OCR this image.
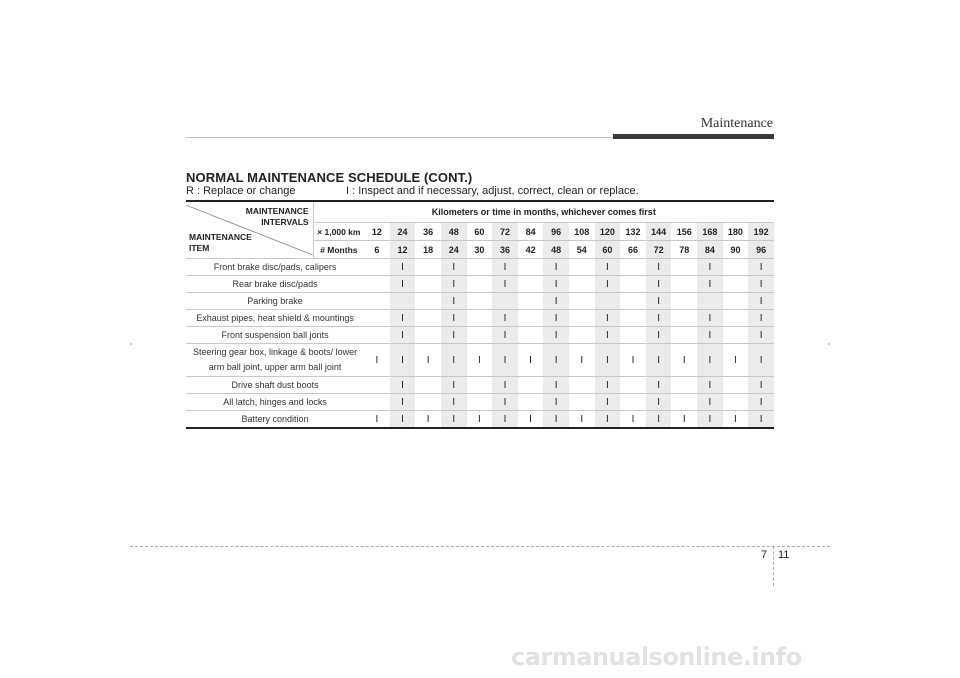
Maintenance
NORMAL MAINTENANCE SCHEDULE (CONT.)
R : Replace or change	I : Inspect and if necessary, adjust, correct, clean or replace.
MAINTENANCE
INTERVALS
MAINTENANCE
ITEM	Kilometers or time in months, whichever comes first																
	× 1,000 km	12	24	36	48	60	72	84	96	108	120	132	144	156	168	180	192
	# Months	6	12	18	24	30	36	42	48	54	60	66	72	78	84	90	96
Front brake disc/pads, calipers			I		I		I		I		I		I		I		I
Rear brake disc/pads			I		I		I		I		I		I		I		I
Parking brake					I				I				I				I
Exhaust pipes, heat shield & mountings			I		I		I		I		I		I		I		I
Front suspension ball jonts			I		I		I		I		I		I		I		I
Steering gear box, linkage & boots/ lower arm ball joint, upper arm ball joint		I	I	I	I	I	I	I	I	I	I	I	I	I	I	I	I
Drive shaft dust boots			I		I		I		I		I		I		I		I
All latch, hinges and locks			I		I		I		I		I		I		I		I
Battery condition		I	I	I	I	I	I	I	I	I	I	I	I	I	I	I	I
7 11
carmanualsonline.info
